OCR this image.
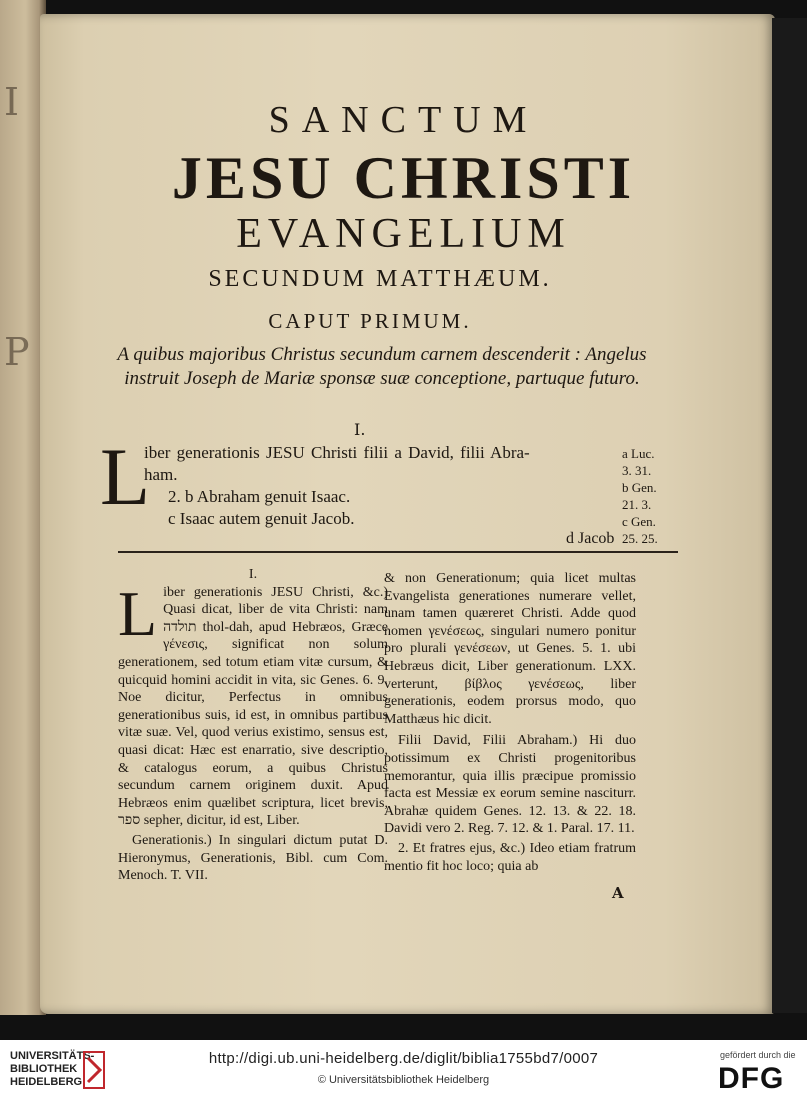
I
P
SANCTUM
JESU CHRISTI
EVANGELIUM
SECUNDUM MATTHÆUM.
CAPUT PRIMUM.
A quibus majoribus Christus secundum carnem descenderit : Angelus instruit Joseph de Mariæ sponsæ suæ conceptione, partuque futuro.
I.
L
iber generationis JESU Christi filii a David, filii Abra-
ham.
2. b Abraham genuit Isaac.
c Isaac autem genuit Jacob.
d Jacob
a Luc.
3. 31.
b Gen.
21. 3.
c Gen.
25. 25.
I.
L iber generationis JESU Christi, &c.) Quasi dicat, liber de vita Christi: nam תולדה thol-dah, apud Hebræos, Græce γένεσις, significat non solum generationem, sed totum etiam vitæ cursum, & quicquid homini accidit in vita, sic Genes. 6. 9. Noe dicitur, Perfectus in omnibus generationibus suis, id est, in omnibus partibus vitæ suæ. Vel, quod verius existimo, sensus est, quasi dicat: Hæc est enarratio, sive descriptio, & catalogus eorum, a quibus Christus secundum carnem originem duxit. Apud Hebræos enim quælibet scriptura, licet brevis, ספר sepher, dicitur, id est, Liber.
Generationis.) In singulari dictum putat D. Hieronymus, Generationis, Bibl. cum Com. Menoch. T. VII.
& non Generationum; quia licet multas Evangelista generationes numerare vellet, unam tamen quæreret Christi. Adde quod nomen γενέσεως, singulari numero ponitur pro plurali γενέσεων, ut Genes. 5. 1. ubi Hebræus dicit, Liber generationum. LXX. verterunt, βίβλος γενέσεως, liber generationis, eodem prorsus modo, quo Matthæus hic dicit.
Filii David, Filii Abraham.) Hi duo potissimum ex Christi progenitoribus memorantur, quia illis præcipue promissio facta est Messiæ ex eorum semine nasciturr. Abrahæ quidem Genes. 12. 13. & 22. 18. Davidi vero 2. Reg. 7. 12. & 1. Paral. 17. 11.
2. Et fratres ejus, &c.) Ideo etiam fratrum mentio fit hoc loco; quia ab
A
UNIVERSITÄTS-
BIBLIOTHEK
HEIDELBERG
http://digi.ub.uni-heidelberg.de/diglit/biblia1755bd7/0007
© Universitätsbibliothek Heidelberg
gefördert durch die
DFG
